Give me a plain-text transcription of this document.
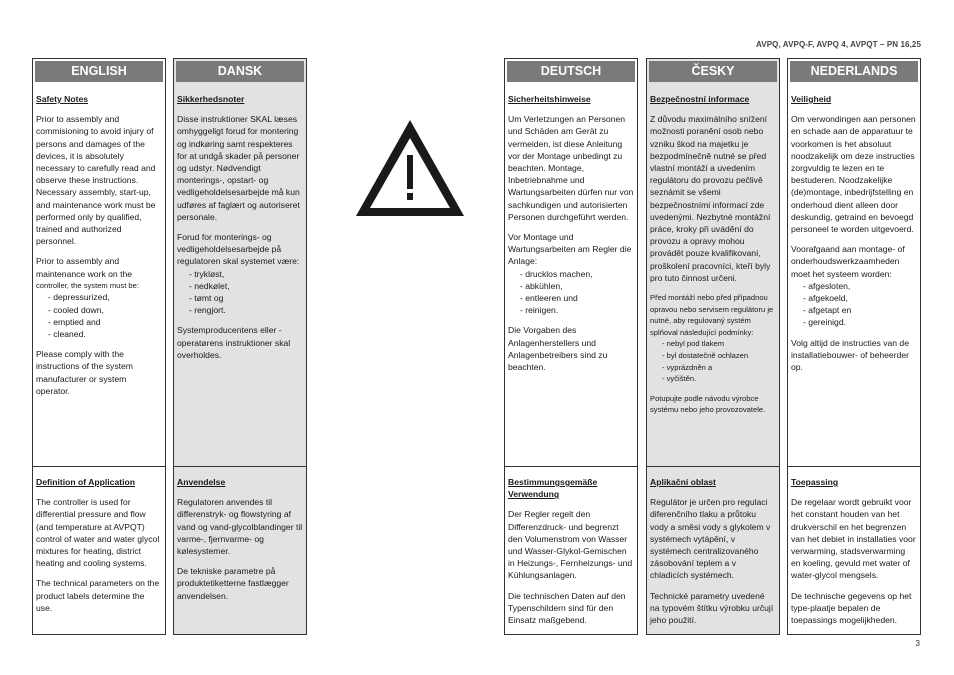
AVPQ, AVPQ-F, AVPQ 4, AVPQT – PN 16,25
ENGLISH
Safety Notes
Prior to assembly and commisioning to avoid injury of persons and damages of the devices, it is absolutely necessary to carefully read and observe these instructions.
Necessary assembly, start-up, and maintenance work must be performed only by qualified, trained and authorized personnel.
Prior to assembly and maintenance work on the
controller, the system must be:
- depressurized,
- cooled down,
- emptied and
- cleaned.
Please comply with the instructions of the system manufacturer or system operator.
Definition of Application
The controller is used for differential pressure and flow (and temperature at AVPQT) control of water and water glycol mixtures for heating, district heating and cooling systems.
The technical parameters on the product labels determine the use.
DANSK
Sikkerhedsnoter
Disse instruktioner SKAL læses omhyggeligt forud for montering og indkøring samt respekteres for at undgå skader på personer og udstyr. Nødvendigt monterings-, opstart- og vedligeholdelsesarbejde må kun udføres af faglært og autoriseret personale.
Forud for monterings- og vedligeholdelsesarbejde på regulatoren skal systemet være:
- trykløst,
- nedkølet,
- tømt og
- rengjort.
Systemproducentens eller -operatørens instruktioner skal overholdes.
Anvendelse
Regulatoren anvendes til differenstryk- og flowstyring af vand og vand-glycolblandinger til varme-, fjernvarme- og kølesystemer.
De tekniske parametre på produktetiketterne fastlægger anvendelsen.
DEUTSCH
Sicherheitshinweise
Um Verletzungen an Personen und Schäden am Gerät zu vermeiden, ist diese Anleitung vor der Montage unbedingt zu beachten. Montage, Inbetriebnahme und Wartungsarbeiten dürfen nur von sachkundigen und autorisierten Personen durchgeführt werden.
Vor Montage und Wartungsarbeiten am Regler die Anlage:
- drucklos machen,
- abkühlen,
- entleeren und
- reinigen.
Die Vorgaben des Anlagenherstellers und Anlagenbetreibers sind zu beachten.
Bestimmungsgemäße Verwendung
Der Regler regelt den Differenzdruck- und begrenzt den Volumenstrom von Wasser und Wasser-Glykol-Gemischen in Heizungs-, Fernheizungs- und Kühlungsanlagen.
Die technischen Daten auf den Typenschildern sind für den Einsatz maßgebend.
ČESKY
Bezpečnostní informace
Z důvodu maximálního snížení možnosti poranění osob nebo vzniku škod na majetku je bezpodmínečně nutné se před vlastní montáží a uvedením regulátoru do provozu pečlivě seznámit se všemi bezpečnostními informací zde uvedenými. Nezbytné montážní práce, kroky při uvádění do provozu a opravy mohou provádět pouze kvalifikovaní, proškolení pracovníci, kteří byly pro tuto činnost určeni.
Před montáží nebo před případnou opravou nebo servisem regulátoru je nutné, aby regulovaný systém splňoval následující podmínky:
- nebyl pod tlakem
- byl dostatečně ochlazen
- vyprázdněn a
- vyčištěn.
Potupujte podle návodu výrobce systému nebo jeho provozovatele.
Aplikační oblast
Regulátor je určen pro regulaci diferenčního tlaku a průtoku vody a směsi vody s glykolem v systémech vytápění, v systémech centralizovaného zásobování teplem a v chladicích systémech.
Technické parametry uvedené na typovém štítku výrobku určují jeho použití.
NEDERLANDS
Veiligheid
Om verwondingen aan personen en schade aan de apparatuur te voorkomen is het absoluut noodzakelijk om deze instructies zorgvuldig te lezen en te bestuderen. Noodzakelijke (de)montage, inbedrijfstelling en onderhoud dient alleen door deskundig, getraind en bevoegd personeel te worden uitgevoerd.
Voorafgaand aan montage- of onderhoudswerkzaamheden moet het systeem worden:
- afgesloten,
- afgekoeld,
- afgetapt en
- gereinigd.
Volg altijd de instructies van de installatiebouwer- of beheerder op.
Toepassing
De regelaar wordt gebruikt voor het constant houden van het drukverschil en het begrenzen van het debiet in installaties voor verwarming, stadsverwarming en koeling, gevuld met water of water-glycol mengsels.
De technische gegevens op het type-plaatje bepalen de toepassings mogelijkheden.
3
